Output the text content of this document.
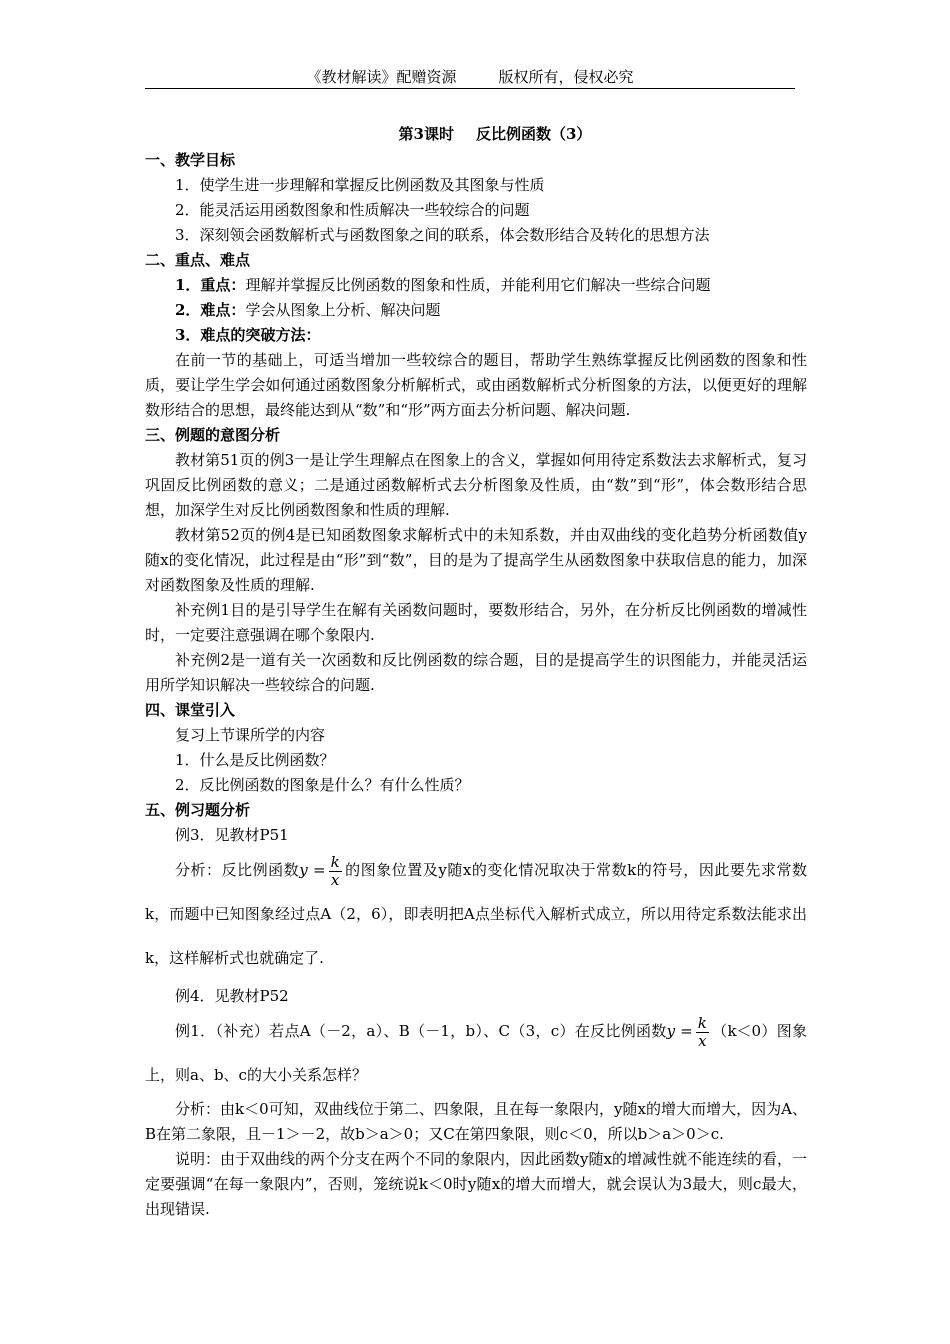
《教材解读》配赠资源	版权所有，侵权必究
第3课时 反比例函数（3）
一、教学目标
1．使学生进一步理解和掌握反比例函数及其图象与性质
2．能灵活运用函数图象和性质解决一些较综合的问题
3．深刻领会函数解析式与函数图象之间的联系，体会数形结合及转化的思想方法
二、重点、难点
1．重点：理解并掌握反比例函数的图象和性质，并能利用它们解决一些综合问题
2．难点：学会从图象上分析、解决问题
3．难点的突破方法：
在前一节的基础上，可适当增加一些较综合的题目，帮助学生熟练掌握反比例函数的图象和性质，要让学生学会如何通过函数图象分析解析式，或由函数解析式分析图象的方法，以便更好的理解数形结合的思想，最终能达到从“数”和“形”两方面去分析问题、解决问题.
三、例题的意图分析
教材第51页的例3一是让学生理解点在图象上的含义，掌握如何用待定系数法去求解析式，复习巩固反比例函数的意义；二是通过函数解析式去分析图象及性质，由“数”到“形”，体会数形结合思想，加深学生对反比例函数图象和性质的理解.
教材第52页的例4是已知函数图象求解析式中的未知系数，并由双曲线的变化趋势分析函数值y随x的变化情况，此过程是由“形”到“数”，目的是为了提高学生从函数图象中获取信息的能力，加深对函数图象及性质的理解.
补充例1目的是引导学生在解有关函数问题时，要数形结合，另外，在分析反比例函数的增减性时，一定要注意强调在哪个象限内.
补充例2是一道有关一次函数和反比例函数的综合题，目的是提高学生的识图能力，并能灵活运用所学知识解决一些较综合的问题.
四、课堂引入
复习上节课所学的内容
1．什么是反比例函数？
2．反比例函数的图象是什么？有什么性质？
五、例习题分析
例3．见教材P51
分析：反比例函数$y = \frac{k}{x}$ 的图象位置及y随x的变化情况取决于常数k的符号，因此要先求常数k，而题中已知图象经过点A（2，6），即表明把A点坐标代入解析式成立，所以用待定系数法能求出k，这样解析式也就确定了.
例4．见教材P52
例1．（补充）若点A（－2，a）、B（－1，b）、C（3，c）在反比例函数$y = \frac{k}{x} (k<0)$图象上，则a、b、c的大小关系怎样？
分析：由k＜0可知，双曲线位于第二、四象限，且在每一象限内，y随x的增大而增大，因为A、B在第二象限，且－1＞－2，故b＞a＞0；又C在第四象限，则c＜0，所以b＞a＞0＞c.
说明：由于双曲线的两个分支在两个不同的象限内，因此函数y随x的增减性就不能连续的看，一定要强调“在每一象限内”，否则，笼统说k＜0时y随x的增大而增大，就会误认为3最大，则c最大，出现错误.
